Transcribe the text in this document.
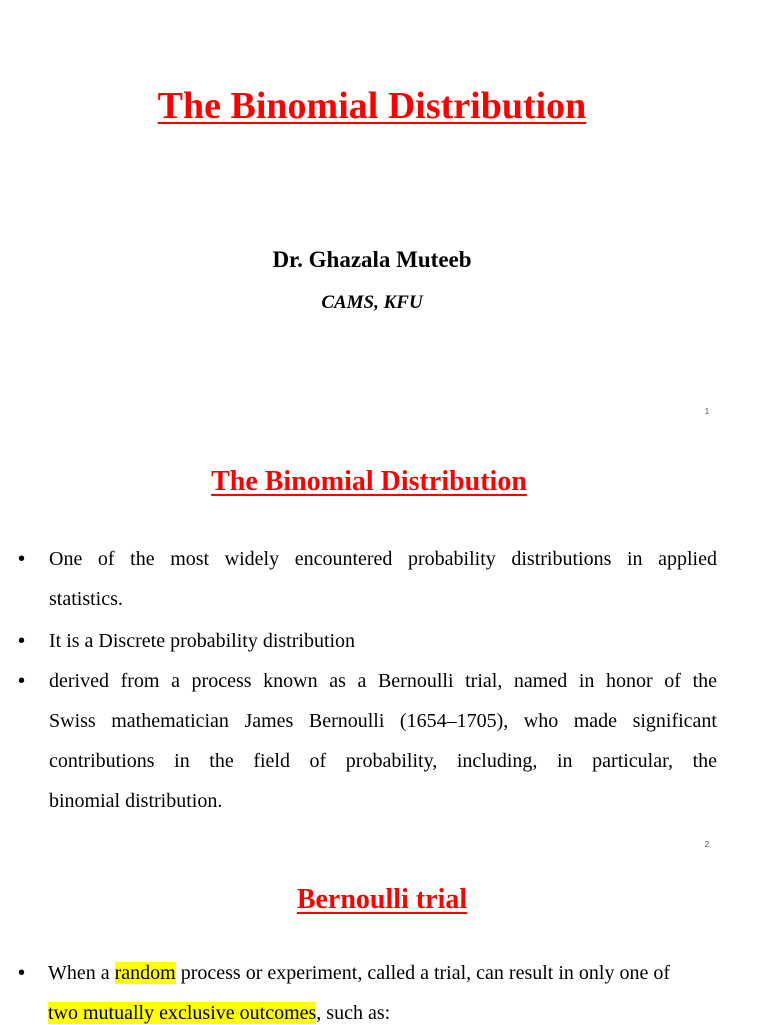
The Binomial Distribution
Dr. Ghazala Muteeb
CAMS, KFU
1
The Binomial Distribution
• One of the most widely encountered probability distributions in applied
statistics.
• It is a Discrete probability distribution
• derived from a process known as a Bernoulli trial, named in honor of the
Swiss mathematician James Bernoulli (1654–1705), who made significant
contributions in the field of probability, including, in particular, the
binomial distribution.
2
Bernoulli trial
• When a random process or experiment, called a trial, can result in only one of
two mutually exclusive outcomes, such as:
